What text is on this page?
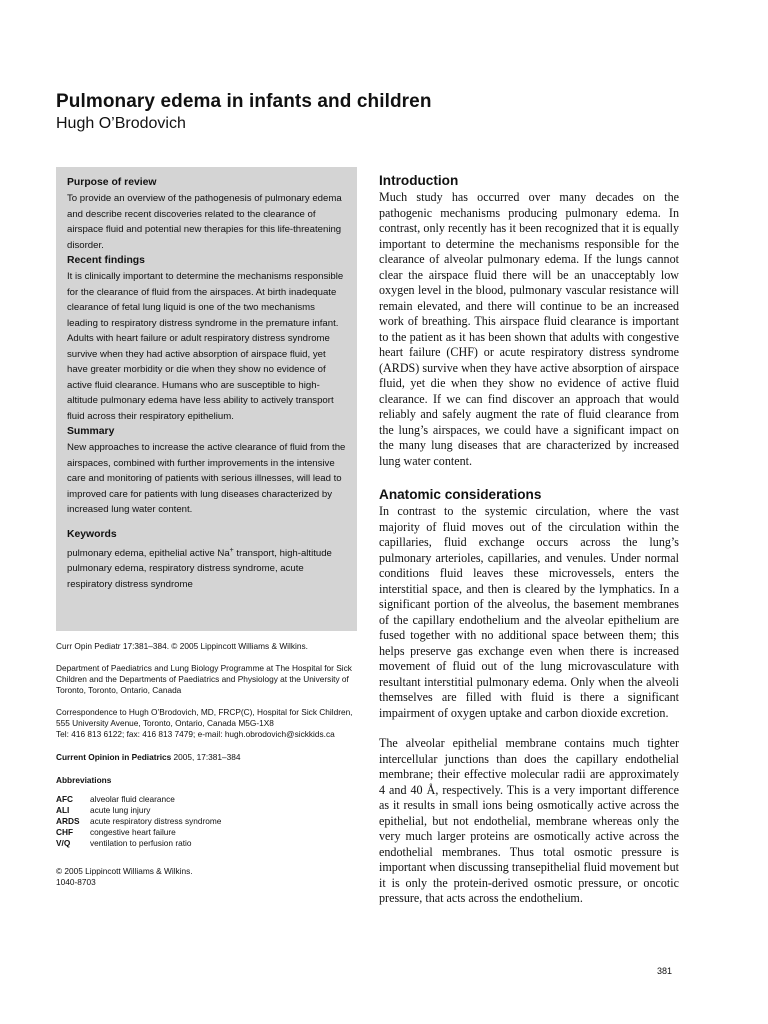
Pulmonary edema in infants and children
Hugh O’Brodovich

Purpose of review

To provide an overview of the pathogenesis of pulmonary edema and describe recent discoveries related to the clearance of airspace fluid and potential new therapies for this life-threatening disorder.

Recent findings

It is clinically important to determine the mechanisms responsible for the clearance of fluid from the airspaces. At birth inadequate clearance of fetal lung liquid is one of the two mechanisms leading to respiratory distress syndrome in the premature infant. Adults with heart failure or adult respiratory distress syndrome survive when they had active absorption of airspace fluid, yet have greater morbidity or die when they show no evidence of active fluid clearance. Humans who are susceptible to high-altitude pulmonary edema have less ability to actively transport fluid across their respiratory epithelium.

Summary

New approaches to increase the active clearance of fluid from the airspaces, combined with further improvements in the intensive care and monitoring of patients with serious illnesses, will lead to improved care for patients with lung diseases characterized by increased lung water content.

Keywords

pulmonary edema, epithelial active Na+ transport, high-altitude pulmonary edema, respiratory distress syndrome, acute respiratory distress syndrome

Curr Opin Pediatr 17:381–384. © 2005 Lippincott Williams & Wilkins.

Department of Paediatrics and Lung Biology Programme at The Hospital for Sick Children and the Departments of Paediatrics and Physiology at the University of Toronto, Toronto, Ontario, Canada

Correspondence to Hugh O’Brodovich, MD, FRCP(C), Hospital for Sick Children, 555 University Avenue, Toronto, Ontario, Canada M5G-1X8

Tel: 416 813 6122; fax: 416 813 7479; e-mail: hugh.obrodovich@sickkids.ca

Current Opinion in Pediatrics 2005, 17:381–384

Abbreviations

AFC	alveolar fluid clearance
ALI	acute lung injury
ARDS	acute respiratory distress syndrome
CHF	congestive heart failure
V/Q	ventilation to perfusion ratio

© 2005 Lippincott Williams & Wilkins.

1040-8703

Introduction

Much study has occurred over many decades on the pathogenic mechanisms producing pulmonary edema. In contrast, only recently has it been recognized that it is equally important to determine the mechanisms responsible for the clearance of alveolar pulmonary edema. If the lungs cannot clear the airspace fluid there will be an unacceptably low oxygen level in the blood, pulmonary vascular resistance will remain elevated, and there will continue to be an increased work of breathing. This airspace fluid clearance is important to the patient as it has been shown that adults with congestive heart failure (CHF) or acute respiratory distress syndrome (ARDS) survive when they have active absorption of airspace fluid, yet die when they show no evidence of active fluid clearance. If we can find discover an approach that would reliably and safely augment the rate of fluid clearance from the lung’s airspaces, we could have a significant impact on the many lung diseases that are characterized by increased lung water content.

Anatomic considerations

In contrast to the systemic circulation, where the vast majority of fluid moves out of the circulation within the capillaries, fluid exchange occurs across the lung’s pulmonary arterioles, capillaries, and venules. Under normal conditions fluid leaves these microvessels, enters the interstitial space, and then is cleared by the lymphatics. In a significant portion of the alveolus, the basement membranes of the capillary endothelium and the alveolar epithelium are fused together with no additional space between them; this helps preserve gas exchange even when there is increased movement of fluid out of the lung microvasculature with resultant interstitial pulmonary edema. Only when the alveoli themselves are filled with fluid is there a significant impairment of oxygen uptake and carbon dioxide excretion.

The alveolar epithelial membrane contains much tighter intercellular junctions than does the capillary endothelial membrane; their effective molecular radii are approximately 4 and 40 Å, respectively. This is a very important difference as it results in small ions being osmotically active across the epithelial, but not endothelial, membrane whereas only the very much larger proteins are osmotically active across the endothelial membranes. Thus total osmotic pressure is important when discussing transepithelial fluid movement but it is only the protein-derived osmotic pressure, or oncotic pressure, that acts across the endothelium.

381
